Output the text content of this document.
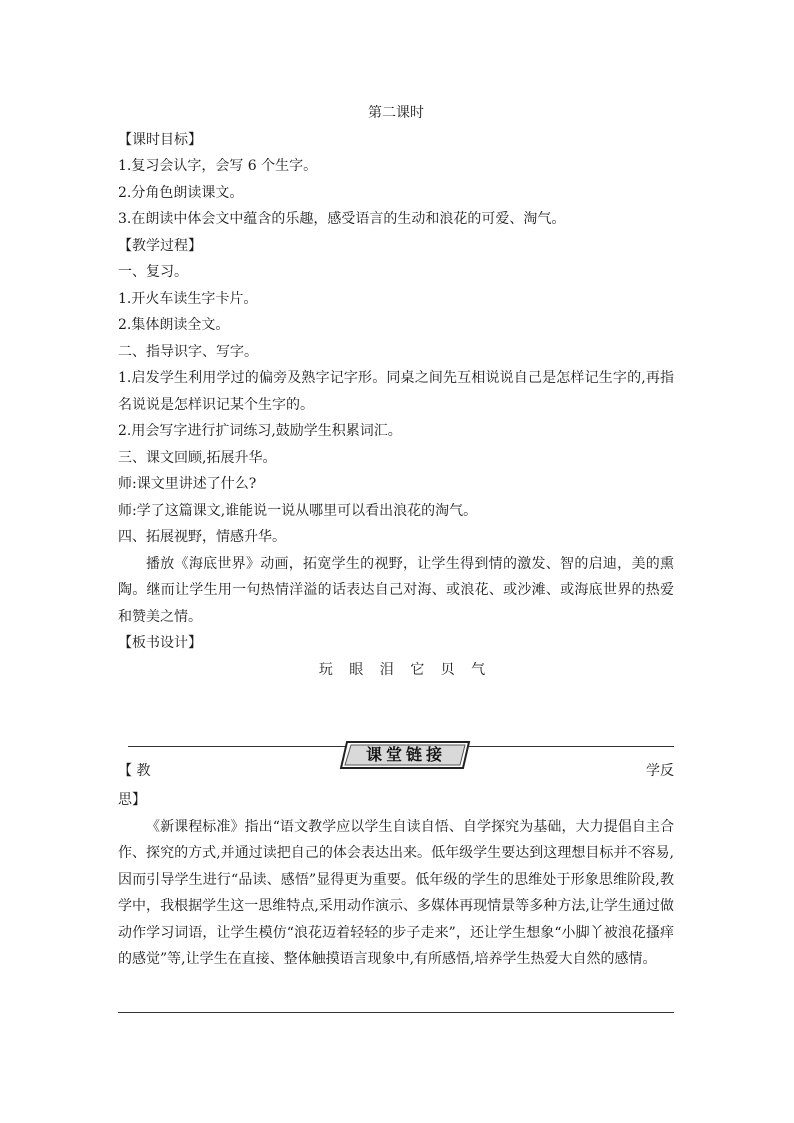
第二课时
【课时目标】
1.复习会认字，会写 6 个生字。
2.分角色朗读课文。
3.在朗读中体会文中蕴含的乐趣，感受语言的生动和浪花的可爱、淘气。
【教学过程】
一、复习。
1.开火车读生字卡片。
2.集体朗读全文。
二、指导识字、写字。
1.启发学生利用学过的偏旁及熟字记字形。同桌之间先互相说说自己是怎样记生字的,再指名说说是怎样识记某个生字的。
2.用会写字进行扩词练习,鼓励学生积累词汇。
三、课文回顾,拓展升华。
师:课文里讲述了什么?
师:学了这篇课文,谁能说一说从哪里可以看出浪花的淘气。
四、拓展视野，情感升华。
播放《海底世界》动画，拓宽学生的视野，让学生得到情的激发、智的启迪，美的熏陶。继而让学生用一句热情洋溢的话表达自己对海、或浪花、或沙滩、或海底世界的热爱和赞美之情。
【板书设计】
玩 眼 泪 它 贝 气
课堂链接
【 教	学反
思】
《新课程标准》指出“语文教学应以学生自读自悟、自学探究为基础，大力提倡自主合作、探究的方式,并通过读把自己的体会表达出来。低年级学生要达到这理想目标并不容易,因而引导学生进行“品读、感悟”显得更为重要。低年级的学生的思维处于形象思维阶段,教学中，我根据学生这一思维特点,采用动作演示、多媒体再现情景等多种方法,让学生通过做动作学习词语，让学生模仿“浪花迈着轻轻的步子走来”，还让学生想象“小脚丫被浪花搔痒的感觉”等,让学生在直接、整体触摸语言现象中,有所感悟,培养学生热爱大自然的感情。
